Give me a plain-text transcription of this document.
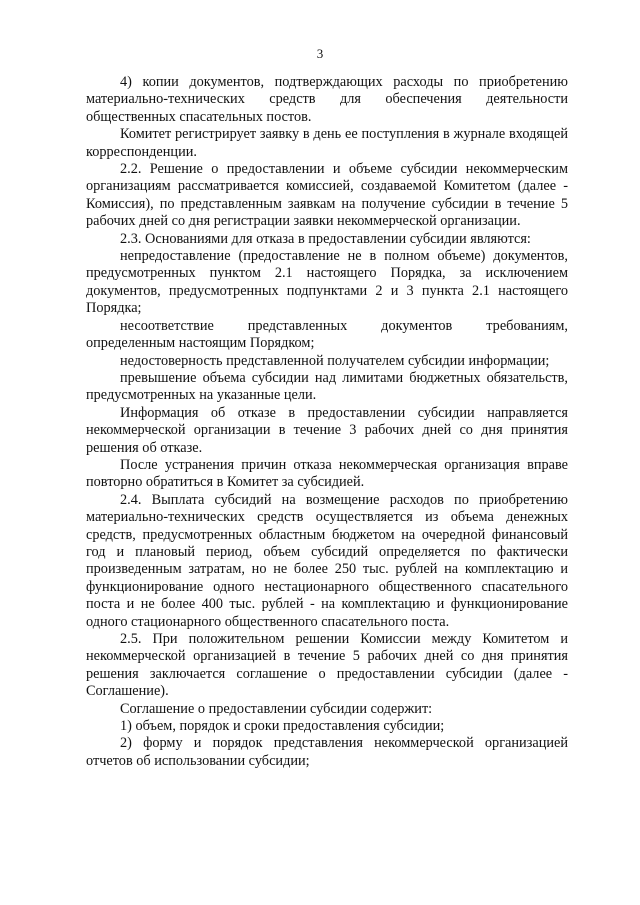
3

4) копии документов, подтверждающих расходы по приобретению материально-технических средств для обеспечения деятельности общественных спасательных постов.

Комитет регистрирует заявку в день ее поступления в журнале входящей корреспонденции.

2.2. Решение о предоставлении и объеме субсидии некоммерческим организациям рассматривается комиссией, создаваемой Комитетом (далее - Комиссия), по представленным заявкам на получение субсидии в течение 5 рабочих дней со дня регистрации заявки некоммерческой организации.

2.3. Основаниями для отказа в предоставлении субсидии являются:

непредоставление (предоставление не в полном объеме) документов, предусмотренных пунктом 2.1 настоящего Порядка, за исключением документов, предусмотренных подпунктами 2 и 3 пункта 2.1 настоящего Порядка;

несоответствие представленных документов требованиям, определенным настоящим Порядком;

недостоверность представленной получателем субсидии информации;

превышение объема субсидии над лимитами бюджетных обязательств, предусмотренных на указанные цели.

Информация об отказе в предоставлении субсидии направляется некоммерческой организации в течение 3 рабочих дней со дня принятия решения об отказе.

После устранения причин отказа некоммерческая организация вправе повторно обратиться в Комитет за субсидией.

2.4. Выплата субсидий на возмещение расходов по приобретению материально-технических средств осуществляется из объема денежных средств, предусмотренных областным бюджетом на очередной финансовый год и плановый период, объем субсидий определяется по фактически произведенным затратам, но не более 250 тыс. рублей на комплектацию и функционирование одного нестационарного общественного спасательного поста и не более 400 тыс. рублей - на комплектацию и функционирование одного стационарного общественного спасательного поста.

2.5. При положительном решении Комиссии между Комитетом и некоммерческой организацией в течение 5 рабочих дней со дня принятия решения заключается соглашение о предоставлении субсидии (далее - Соглашение).

Соглашение о предоставлении субсидии содержит:

1) объем, порядок и сроки предоставления субсидии;

2) форму и порядок представления некоммерческой организацией отчетов об использовании субсидии;
